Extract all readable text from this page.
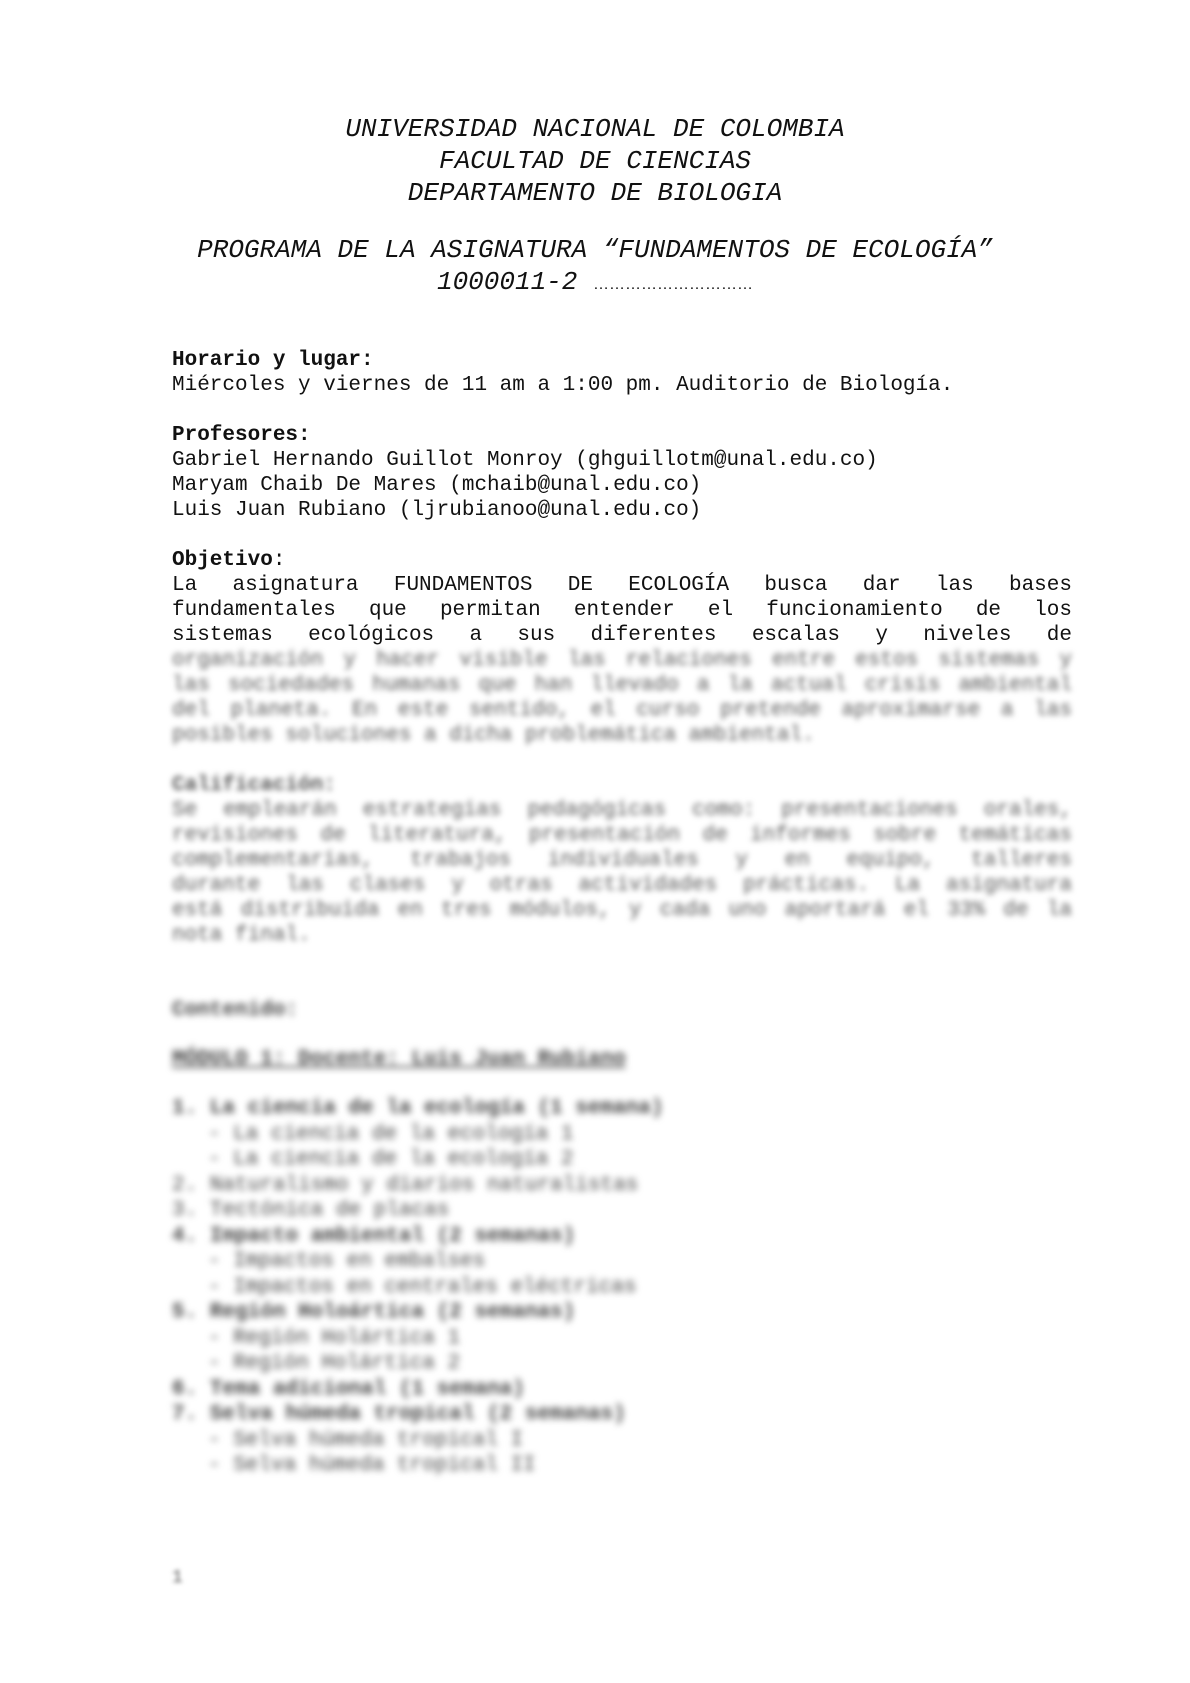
UNIVERSIDAD NACIONAL DE COLOMBIA
FACULTAD DE CIENCIAS
DEPARTAMENTO DE BIOLOGIA
PROGRAMA DE LA ASIGNATURA “FUNDAMENTOS DE ECOLOGÍA”
1000011-2 …………………………
Horario y lugar:
Miércoles y viernes de 11 am a 1:00 pm. Auditorio de Biología.
Profesores:
Gabriel Hernando Guillot Monroy (ghguillotm@unal.edu.co)
Maryam Chaib De Mares (mchaib@unal.edu.co)
Luis Juan Rubiano (ljrubianoo@unal.edu.co)
Objetivo:
La asignatura FUNDAMENTOS DE ECOLOGÍA busca dar las bases
fundamentales que permitan entender el funcionamiento de los
sistemas ecológicos a sus diferentes escalas y niveles de
organización y hacer visible las relaciones entre estos sistemas y
las sociedades humanas que han llevado a la actual crisis ambiental
del planeta. En este sentido, el curso pretende aproximarse a las
posibles soluciones a dicha problemática ambiental.
Calificación:
Se emplearán estrategias pedagógicas como: presentaciones orales,
revisiones de literatura, presentación de informes sobre temáticas
complementarias, trabajos individuales y en equipo, talleres
durante las clases y otras actividades prácticas. La asignatura
está distribuida en tres módulos, y cada uno aportará el 33% de la
nota final.
Contenido:
MÓDULO 1: Docente: Luis Juan Rubiano
1. La ciencia de la ecología (1 semana)
- La ciencia de la ecología 1
- La ciencia de la ecología 2
2. Naturalismo y diarios naturalistas
3. Tectónica de placas
4. Impacto ambiental (2 semanas)
- Impactos en embalses
- Impactos en centrales eléctricas
5. Región Holoártica (2 semanas)
- Región Holártica 1
- Región Holártica 2
6. Tema adicional (1 semana)
7. Selva húmeda tropical (2 semanas)
- Selva húmeda tropical I
- Selva húmeda tropical II
1
